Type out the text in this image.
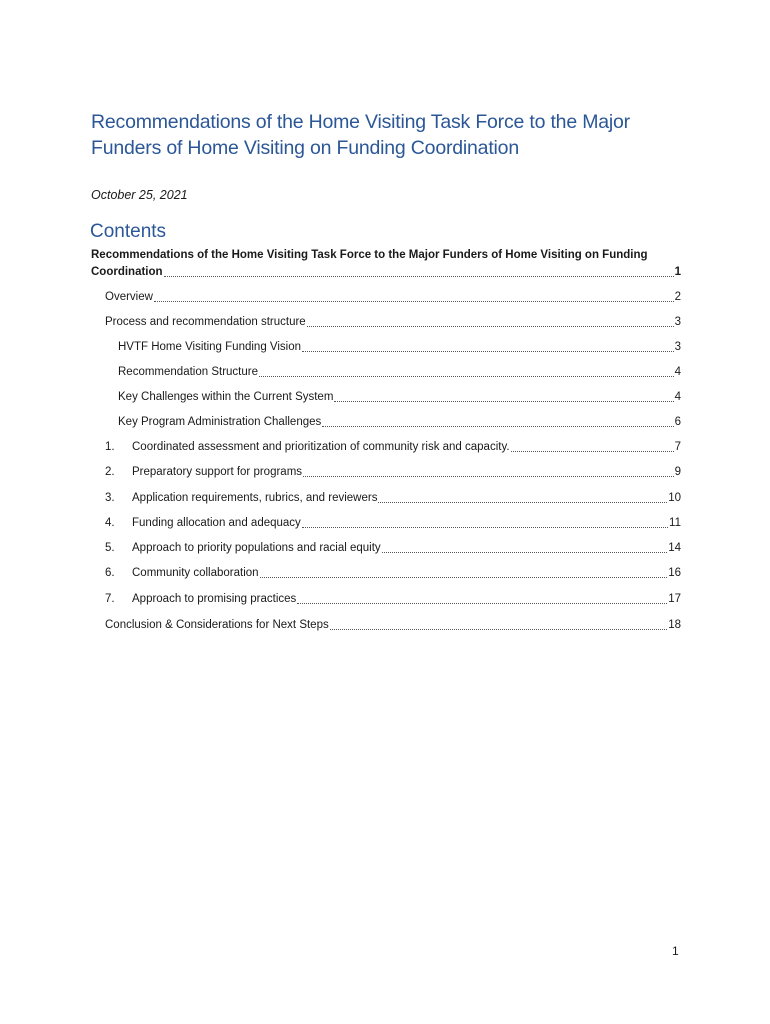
Recommendations of the Home Visiting Task Force to the Major Funders of Home Visiting on Funding Coordination
October 25, 2021
Contents
Recommendations of the Home Visiting Task Force to the Major Funders of Home Visiting on Funding
Coordination	1
Overview	2
Process and recommendation structure	3
HVTF Home Visiting Funding Vision	3
Recommendation Structure	4
Key Challenges within the Current System	4
Key Program Administration Challenges	6
1.	Coordinated assessment and prioritization of community risk and capacity.	7
2.	Preparatory support for programs	9
3.	Application requirements, rubrics, and reviewers	10
4.	Funding allocation and adequacy	11
5.	Approach to priority populations and racial equity	14
6.	Community collaboration	16
7.	Approach to promising practices	17
Conclusion & Considerations for Next Steps	18
1
